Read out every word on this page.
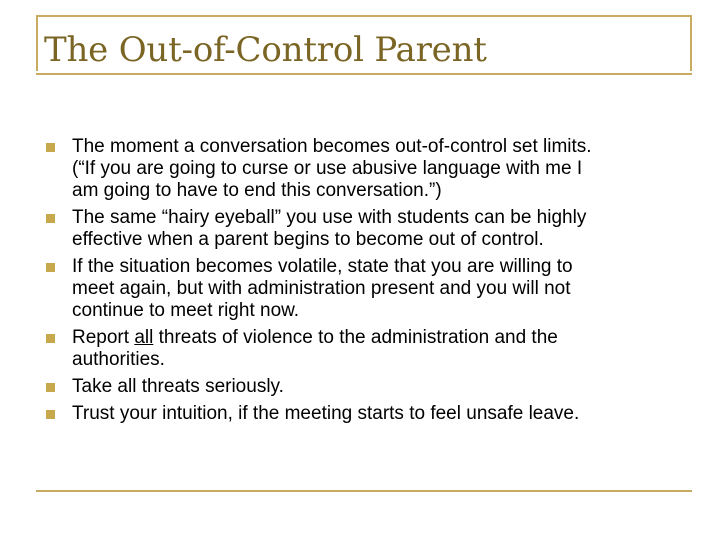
The Out-of-Control Parent
The moment a conversation becomes out-of-control set limits.
(“If you are going to curse or use abusive language with me I
am going to have to end this conversation.”)
The same “hairy eyeball” you use with students can be highly
effective when a parent begins to become out of control.
If the situation becomes volatile, state that you are willing to
meet again, but with administration present and you will not
continue to meet right now.
Report all threats of violence to the administration and the
authorities.
Take all threats seriously.
Trust your intuition, if the meeting starts to feel unsafe leave.
